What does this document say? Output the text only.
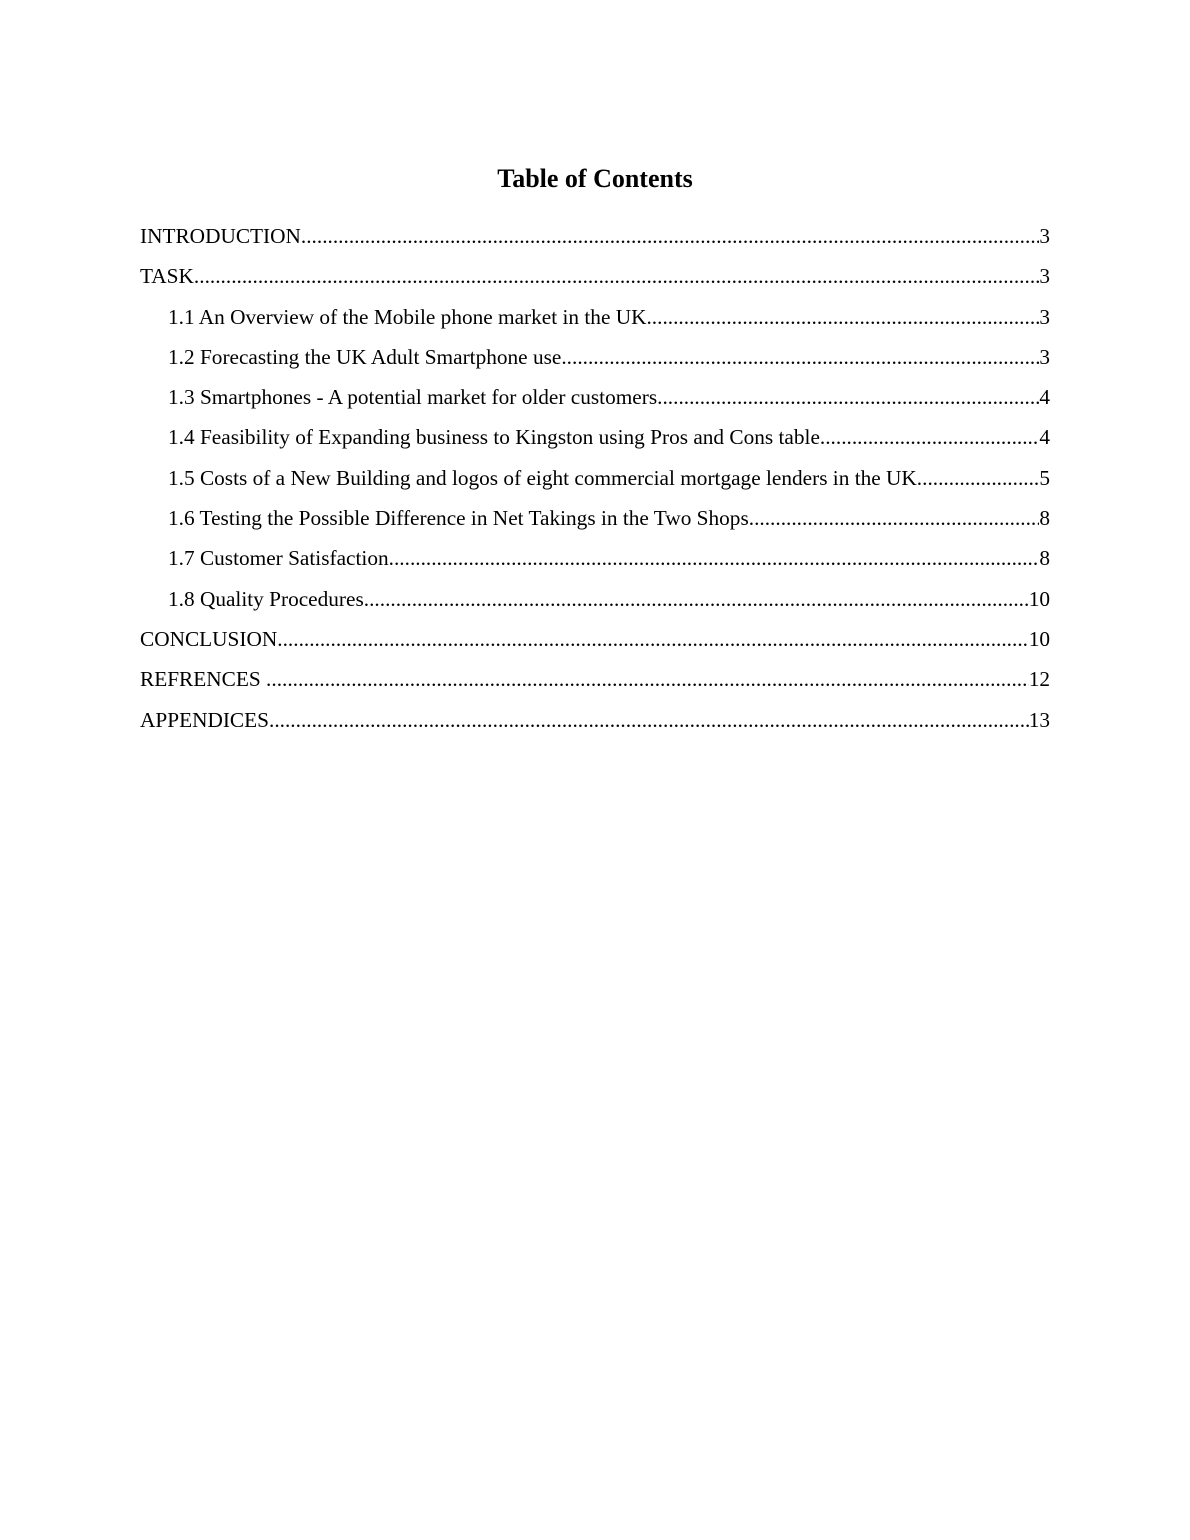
Table of Contents
INTRODUCTION .....	3
TASK .....	3
1.1 An Overview of the Mobile phone market in the UK .....	3
1.2 Forecasting the UK Adult Smartphone use .....	3
1.3 Smartphones - A potential market for older customers .....	4
1.4 Feasibility of Expanding business to Kingston using Pros and Cons table .....	4
1.5 Costs of a New Building and logos of eight commercial mortgage lenders in the UK .....	5
1.6 Testing the Possible Difference in Net Takings in the Two Shops .....	8
1.7 Customer Satisfaction .....	8
1.8 Quality Procedures .....	10
CONCLUSION .....	10
REFRENCES .....	12
APPENDICES .....	13
